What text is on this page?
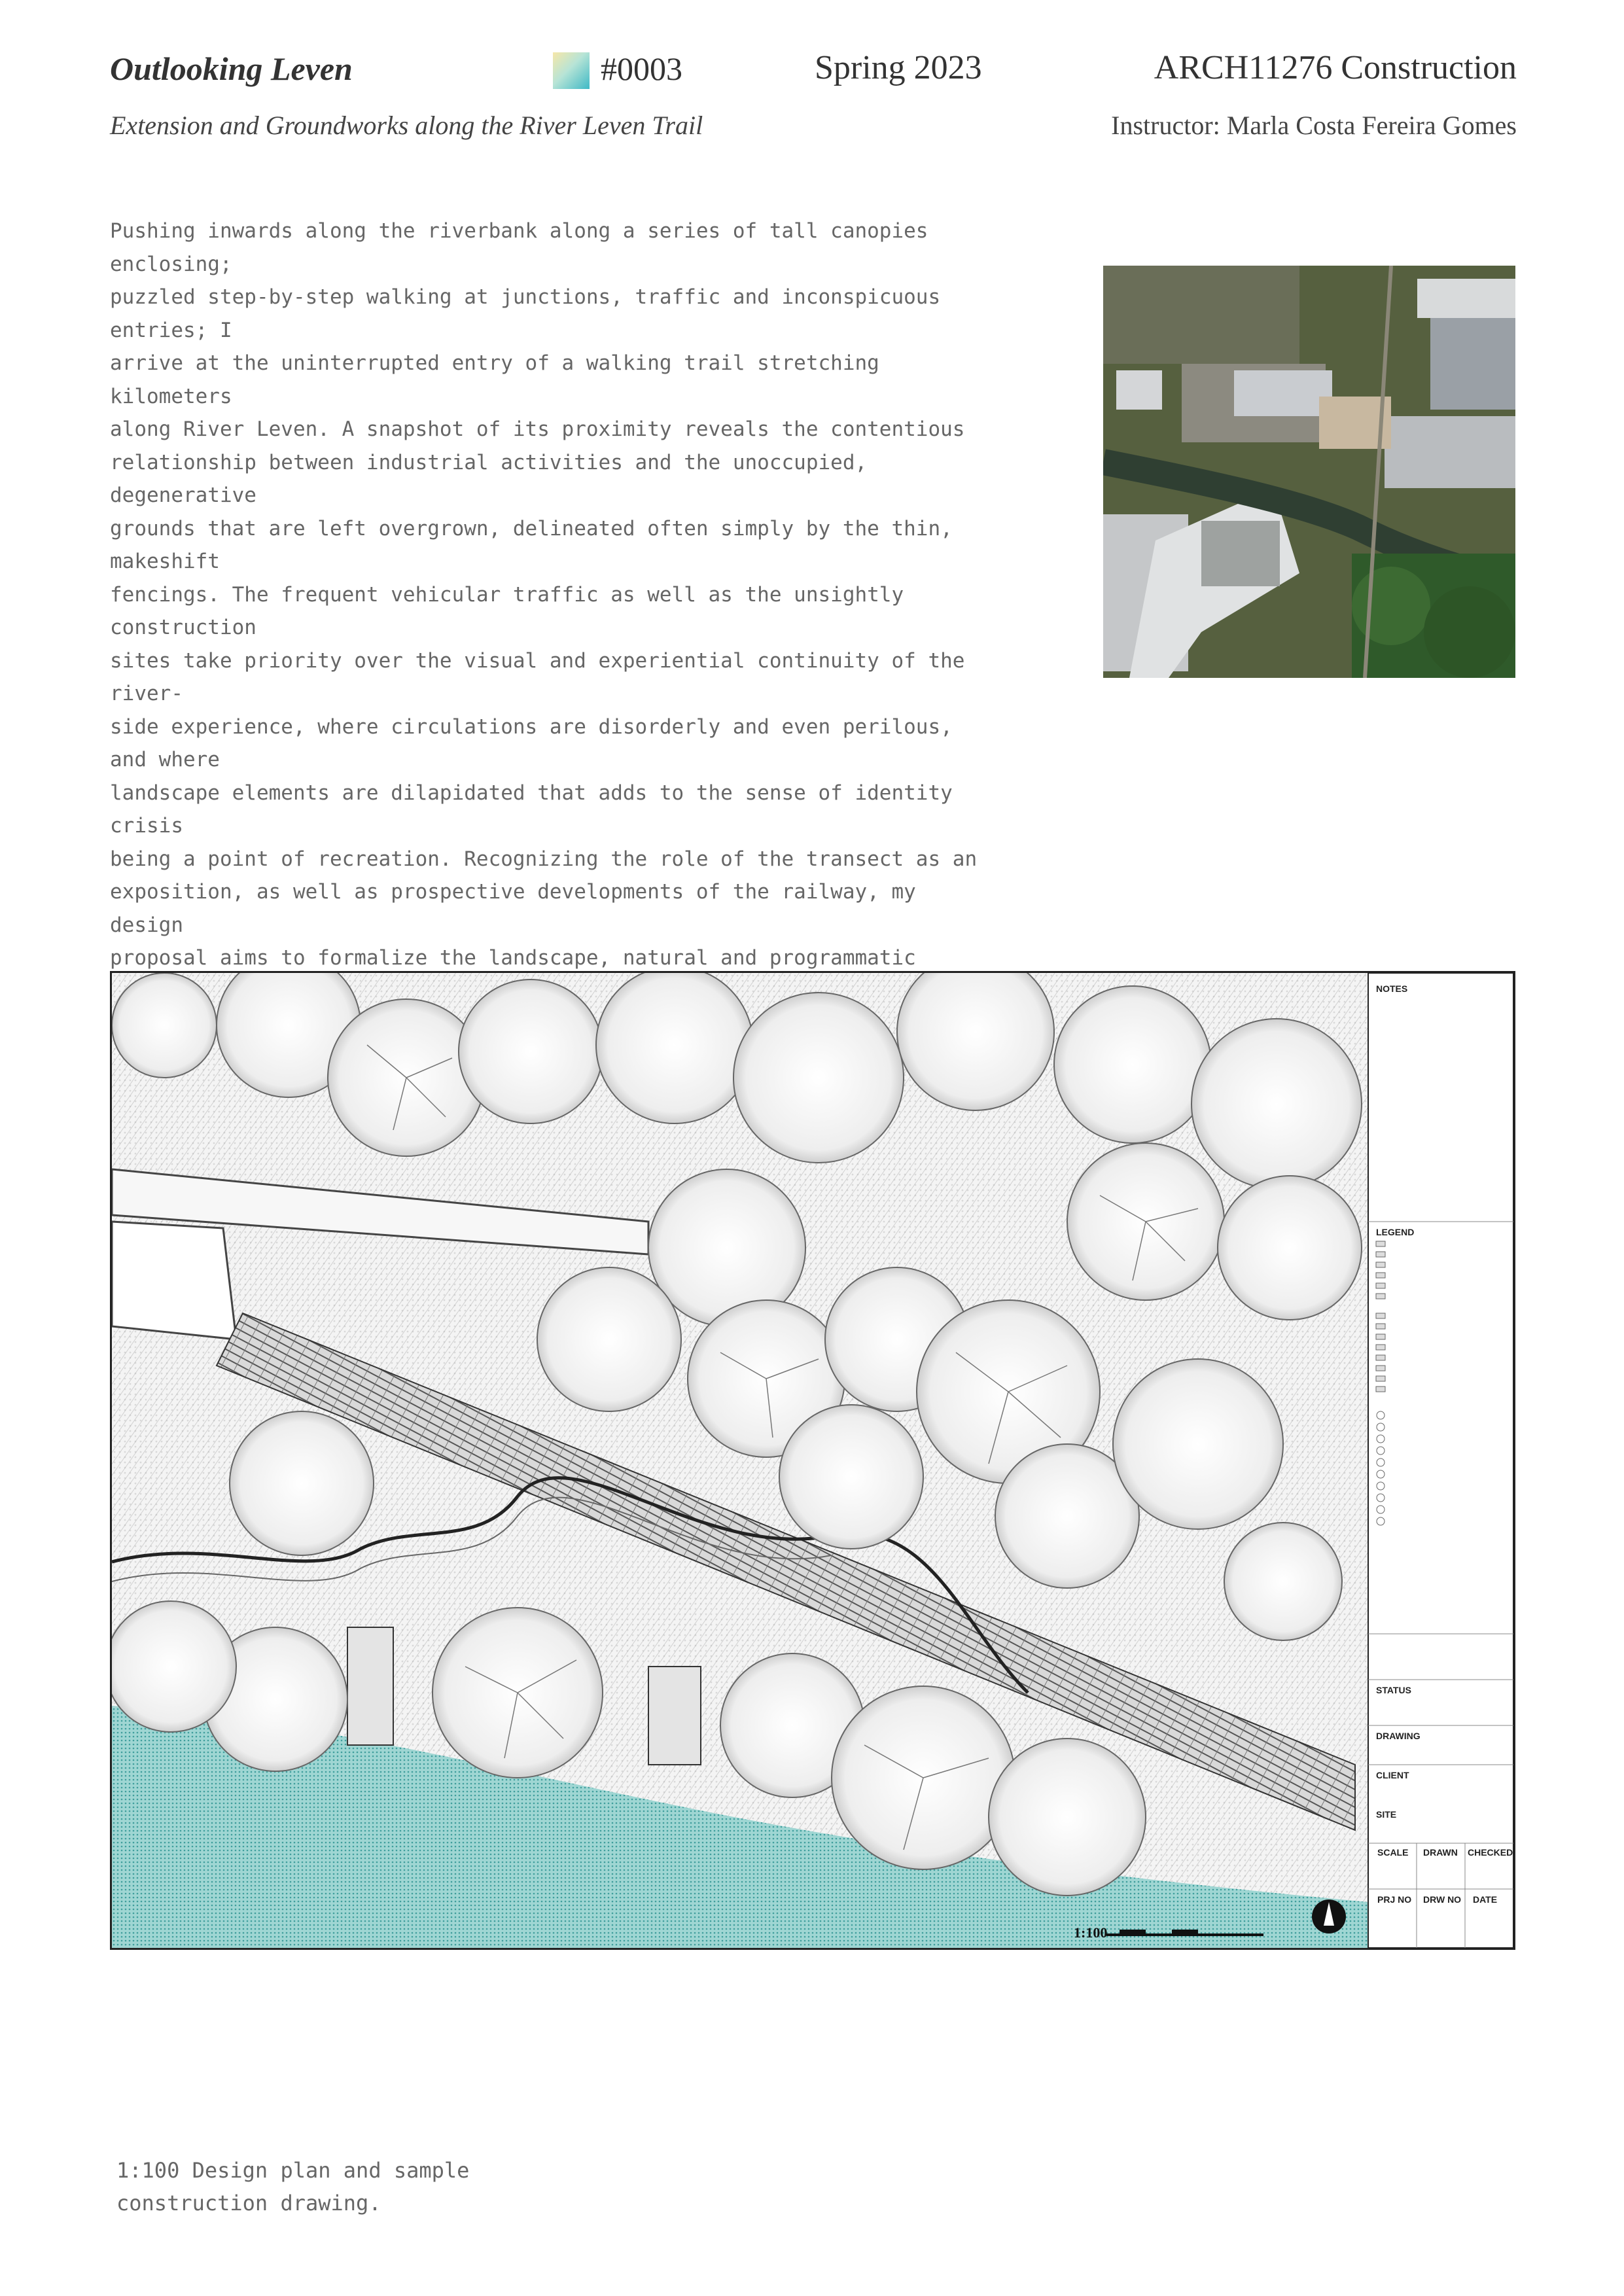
Outlooking Leven
Extension and Groundworks along the River Leven Trail
#0003	Spring 2023	ARCH11276 Construction
Instructor: Marla Costa Fereira Gomes
Pushing inwards along the riverbank along a series of tall canopies enclosing;
puzzled step-by-step walking at junctions, traffic and inconspicuous entries; I
arrive at the uninterrupted entry of a walking trail stretching kilometers
along River Leven. A snapshot of its proximity reveals the contentious
relationship between industrial activities and the unoccupied, degenerative
grounds that are left overgrown, delineated often simply by the thin, makeshift
fencings. The frequent vehicular traffic as well as the unsightly construction
sites take priority over the visual and experiential continuity of the river-
side experience, where circulations are disorderly and even perilous, and where
landscape elements are dilapidated that adds to the sense of identity crisis
being a point of recreation. Recognizing the role of the transect as an
exposition, as well as prospective developments of the railway, my design
proposal aims to formalize the landscape, natural and programmatic

NOTES
LEGEND
STATUS
DRAWING
CLIENT
SITE
SCALE DRAWN CHECKED
PRJ NO DRW NO DATE
1:100
1:100 Design plan and sample
construction drawing.
